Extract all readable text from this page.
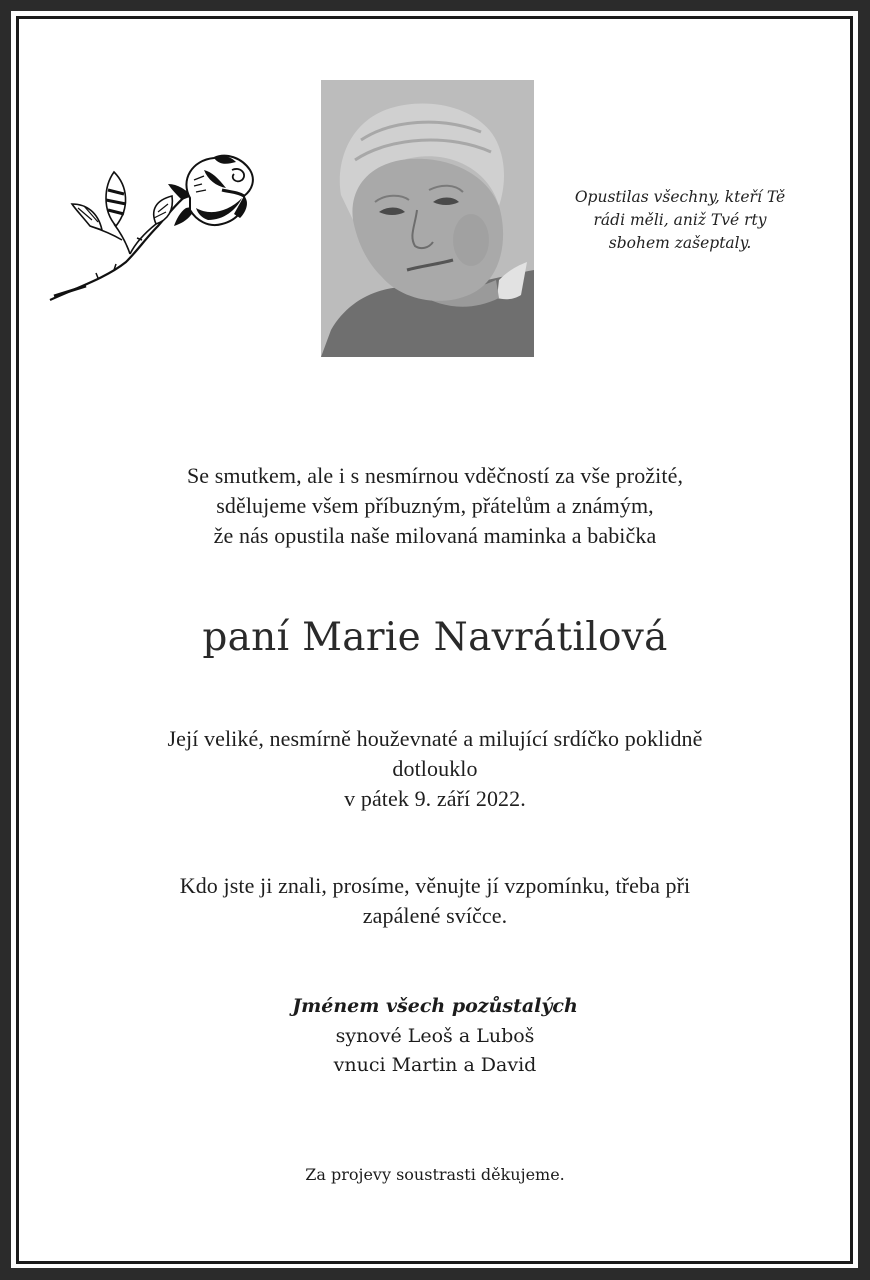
Opustilas všechny, kteří Tě
rádi měli, aniž Tvé rty
sbohem zašeptaly.
Se smutkem, ale i s nesmírnou vděčností za vše prožité,
sdělujeme všem příbuzným, přátelům a známým,
že nás opustila naše milovaná maminka a babička
paní Marie Navrátilová
Její veliké, nesmírně houževnaté a milující srdíčko poklidně
dotlouklo
v pátek 9. září 2022.
Kdo jste ji znali, prosíme, věnujte jí vzpomínku, třeba při
zapálené svíčce.
Jménem všech pozůstalých
synové Leoš a Luboš
vnuci Martin a David
Za projevy soustrasti děkujeme.
